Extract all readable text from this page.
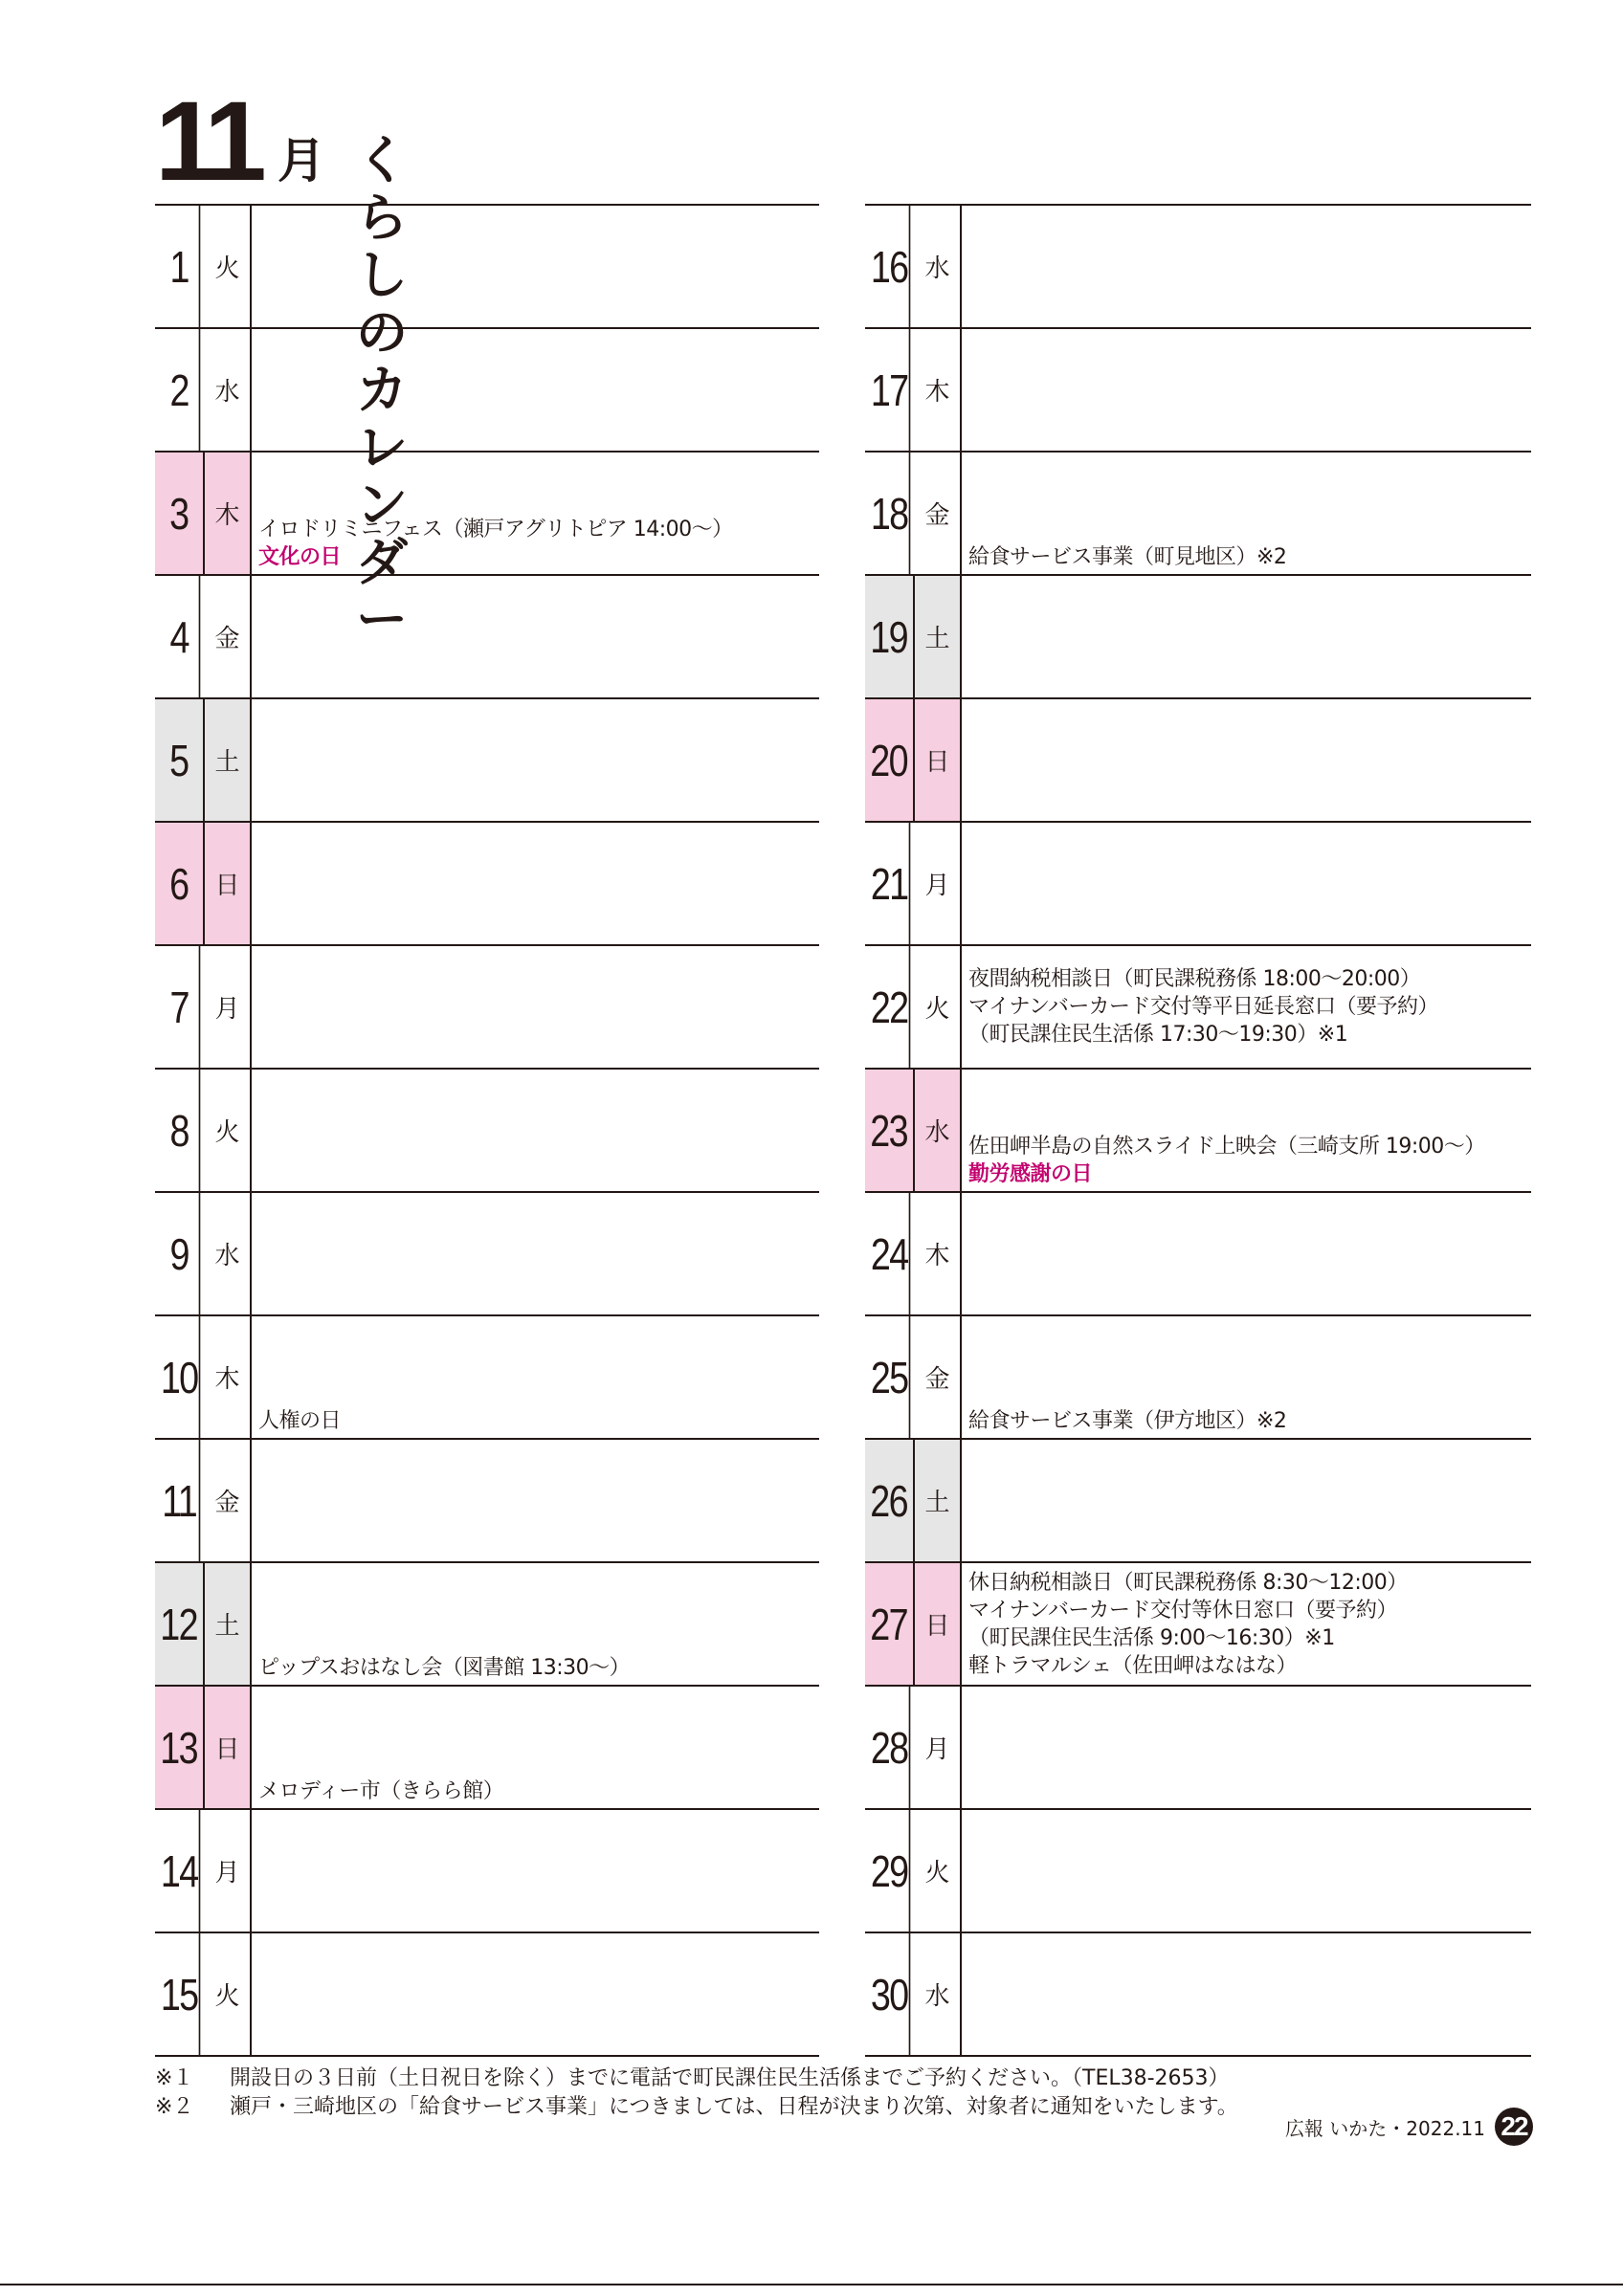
11 月 くらしのカレンダー
1	火
2	水
3	木 イロドリミニフェス（瀬戸アグリトピア 14:00〜）
文化の日
4	金
5	土
6	日
7	月
8	火
9	水
10 木
人権の日
11 金
12 土
ピップスおはなし会（図書館 13:30〜）
13 日
メロディー市（きらら館）
14 月
15 火
16 水
17 木
18 金
給食サービス事業（町見地区）※2
19 土
20 日
21 月
22 火
夜間納税相談日（町民課税務係 18:00〜20:00）
マイナンバーカード交付等平日延長窓口（要予約）
（町民課住民生活係 17:30〜19:30）※1
23 水 佐田岬半島の自然スライド上映会（三崎支所 19:00〜）
勤労感謝の日
24 木
25 金
給食サービス事業（伊方地区）※2
26 土
27 日
休日納税相談日（町民課税務係 8:30〜12:00）
マイナンバーカード交付等休日窓口（要予約）
（町民課住民生活係 9:00〜16:30）※1
軽トラマルシェ（佐田岬はなはな）
28 月
29 火
30 水
※１	開設日の３日前（土日祝日を除く）までに電話で町民課住民生活係までご予約ください。（TEL38-2653）
※２	瀬戸・三崎地区の「給食サービス事業」につきましては、日程が決まり次第、対象者に通知をいたします。
広報 いかた・2022.11 22
